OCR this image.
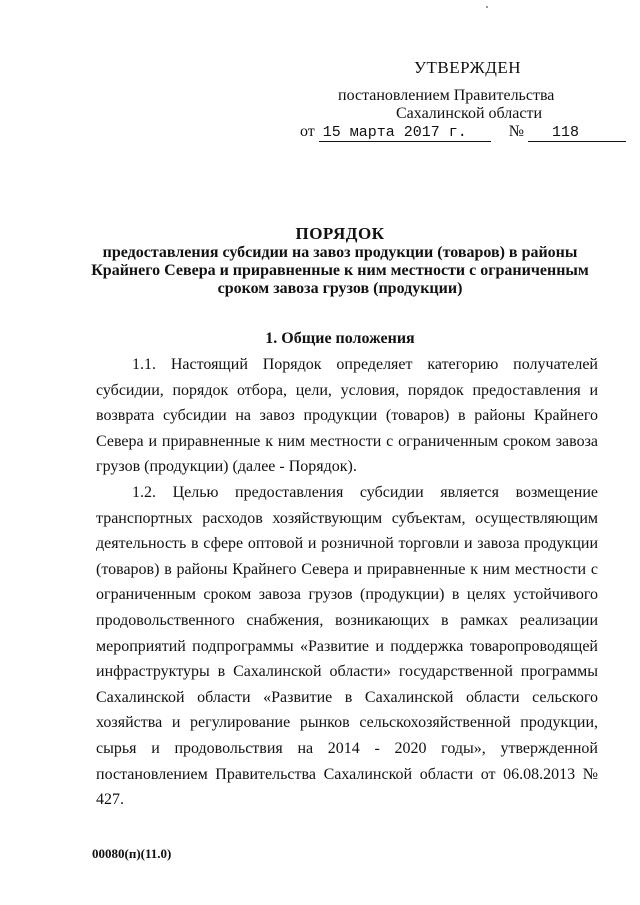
УТВЕРЖДЕН
постановлением Правительства
Сахалинской области
от 15 марта 2017 г.	№ 118
ПОРЯДОК
предоставления субсидии на завоз продукции (товаров) в районы
Крайнего Севера и приравненные к ним местности с ограниченным
сроком завоза грузов (продукции)
1. Общие положения

1.1. Настоящий Порядок определяет категорию получателей субсидии, порядок отбора, цели, условия, порядок предоставления и возврата субсидии на завоз продукции (товаров) в районы Крайнего Севера и приравненные к ним местности с ограниченным сроком завоза грузов (продукции) (далее - Порядок).

1.2. Целью предоставления субсидии является возмещение транспортных расходов хозяйствующим субъектам, осуществляющим деятельность в сфере оптовой и розничной торговли и завоза продукции (товаров) в районы Крайнего Севера и приравненные к ним местности с ограниченным сроком завоза грузов (продукции) в целях устойчивого продовольственного снабжения, возникающих в рамках реализации мероприятий подпрограммы «Развитие и поддержка товаропроводящей инфраструктуры в Сахалинской области» государственной программы Сахалинской области «Развитие в Сахалинской области сельского хозяйства и регулирование рынков сельскохозяйственной продукции, сырья и продовольствия на 2014 - 2020 годы», утвержденной постановлением Правительства Сахалинской области от 06.08.2013 № 427.

00080(п)(11.0)
